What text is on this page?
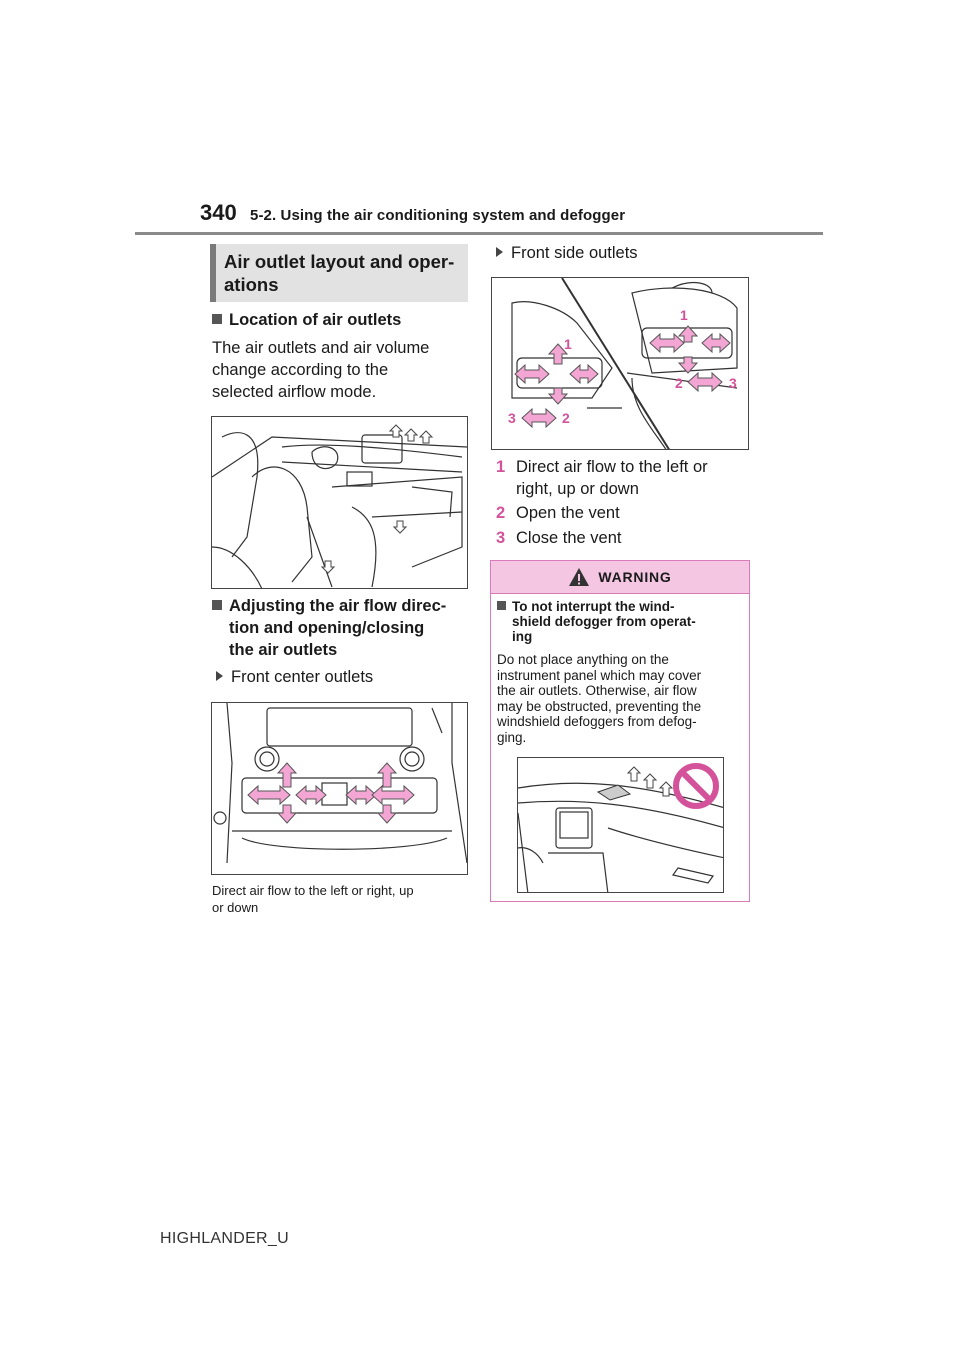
340 5-2. Using the air conditioning system and defogger
Air outlet layout and oper-
ations
Location of air outlets
The air outlets and air volume
change according to the
selected airflow mode.
Adjusting the air flow direc-
tion and opening/closing
the air outlets
Front center outlets
Direct air flow to the left or right, up
or down
Front side outlets
1
1
2	3
3	2
1 Direct air flow to the left or
right, up or down
2 Open the vent
3 Close the vent
WARNING
To not interrupt the wind-
shield defogger from operat-
ing
Do not place anything on the
instrument panel which may cover
the air outlets. Otherwise, air flow
may be obstructed, preventing the
windshield defoggers from defog-
ging.
HIGHLANDER_U
